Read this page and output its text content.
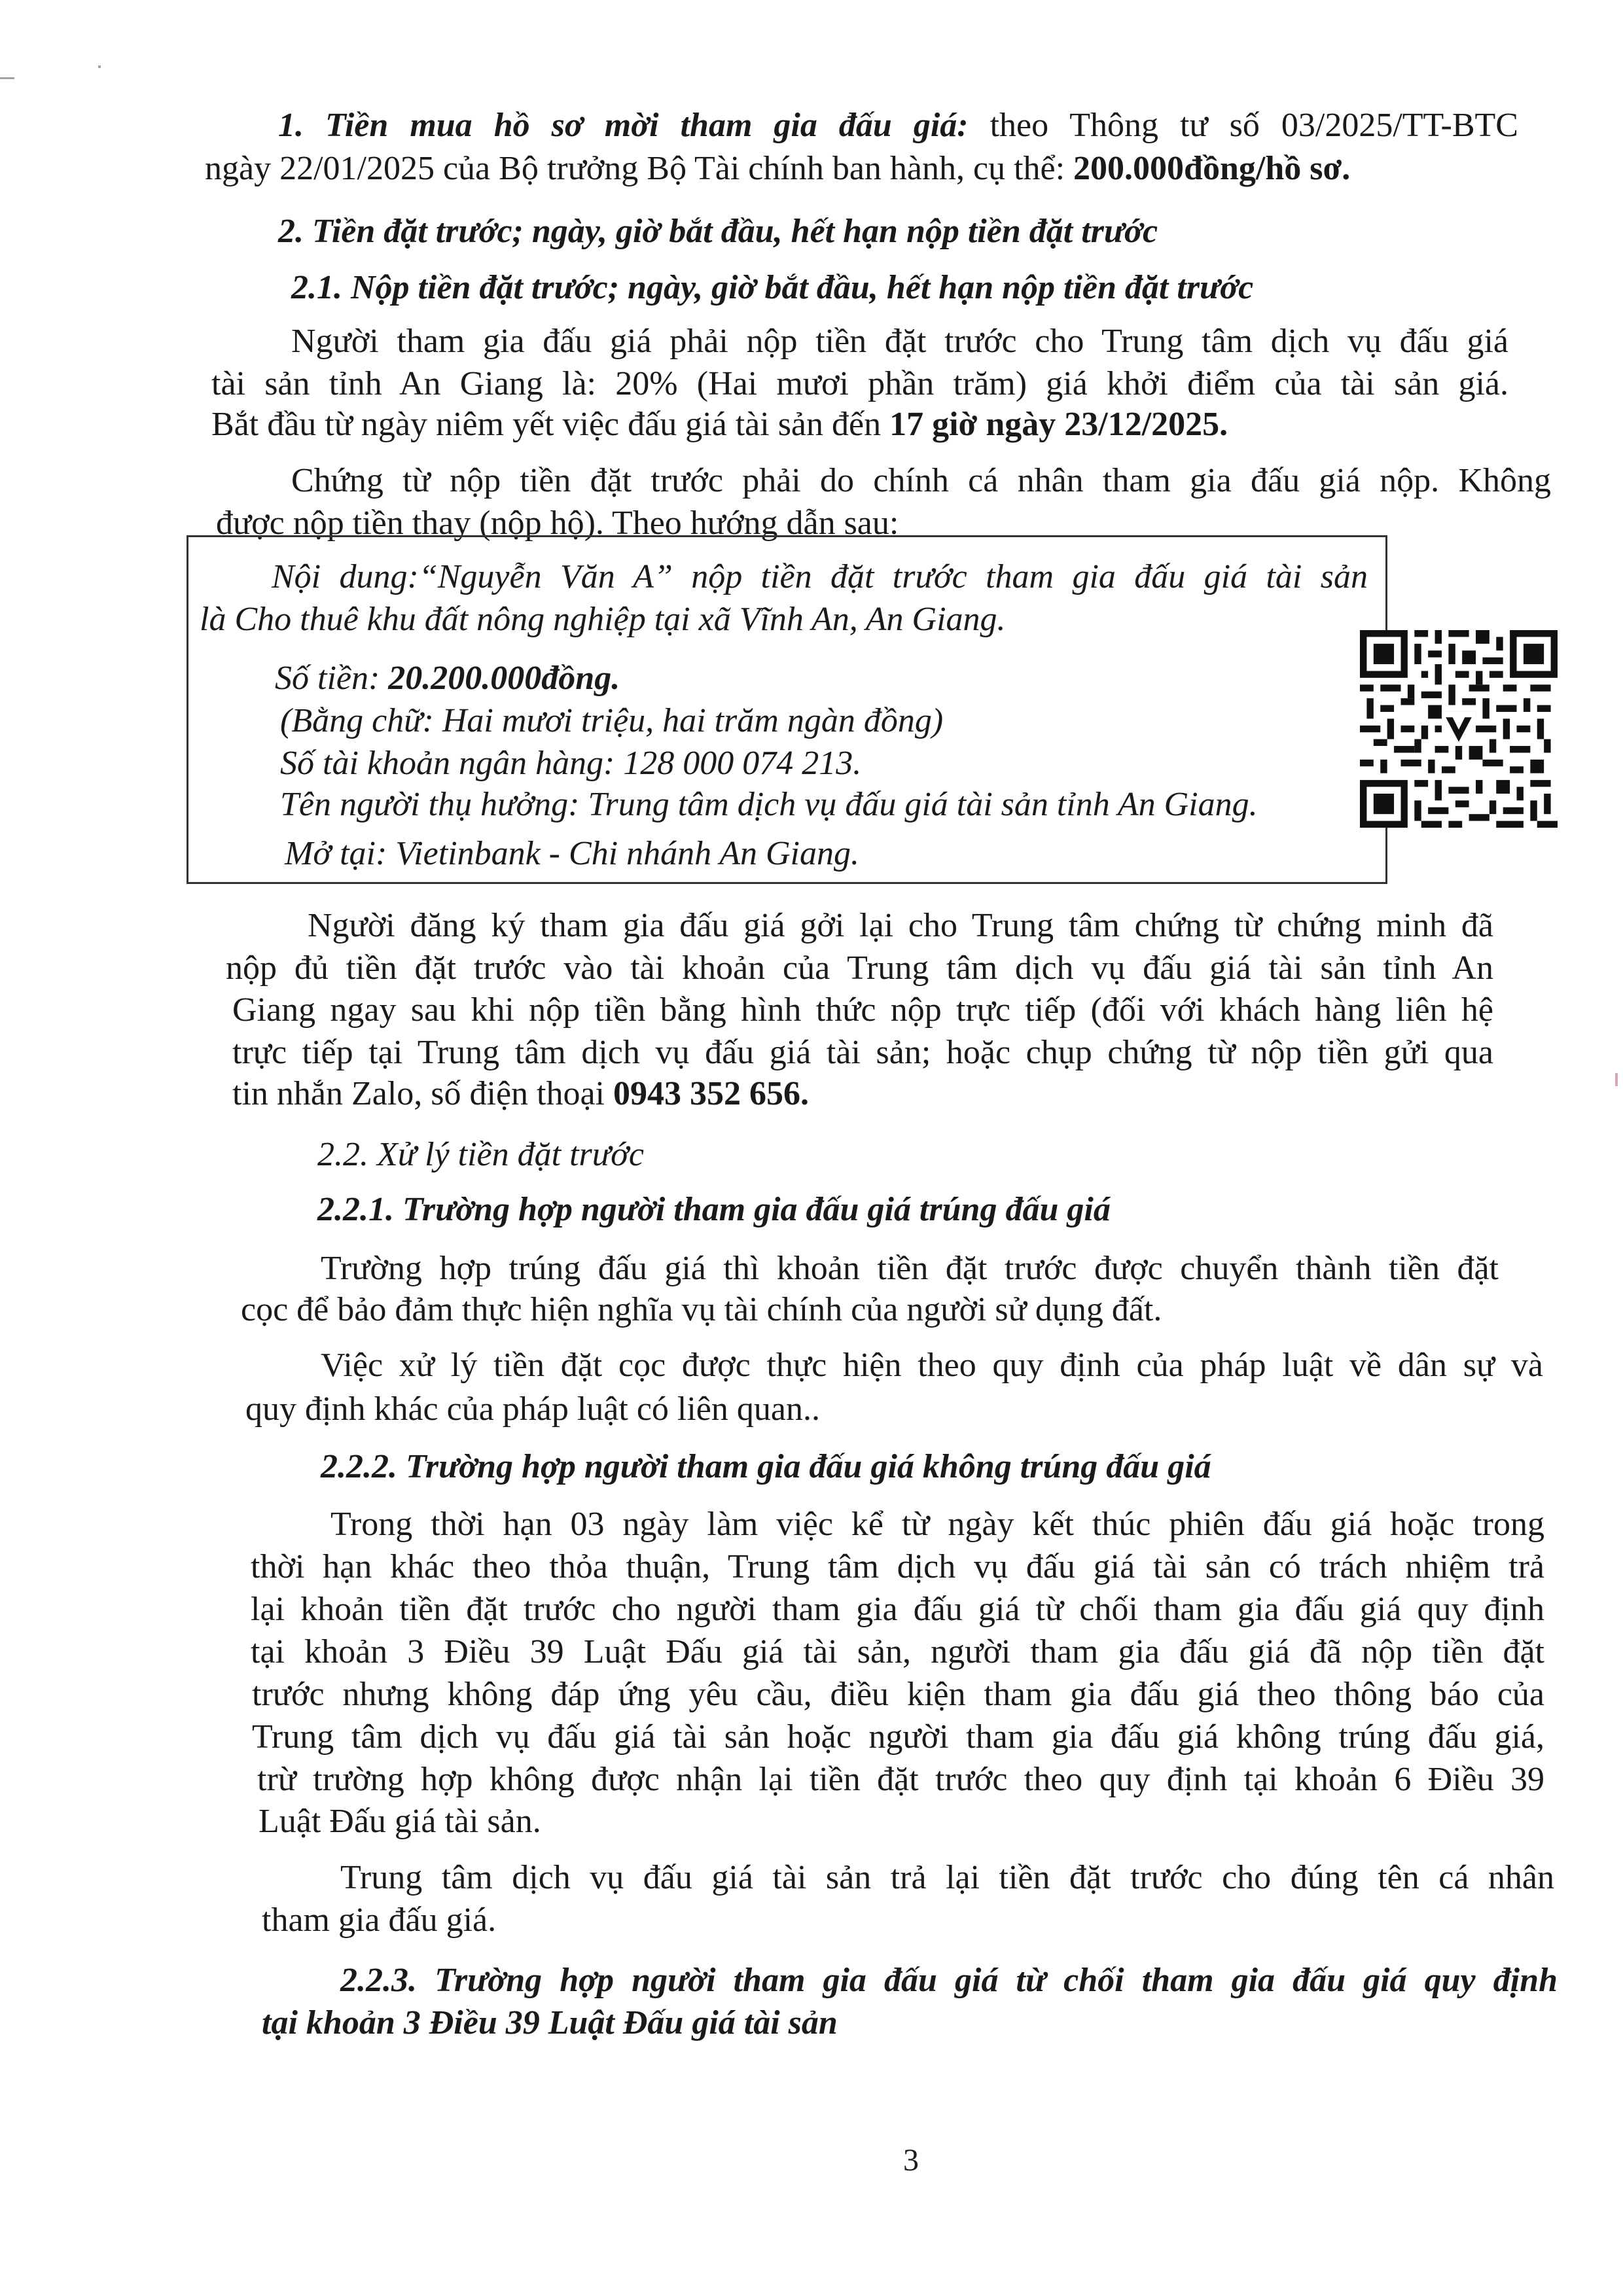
1. Tiền mua hồ sơ mời tham gia đấu giá: theo Thông tư số 03/2025/TT-BTC
ngày 22/01/2025 của Bộ trưởng Bộ Tài chính ban hành, cụ thể: 200.000đồng/hồ sơ.
2. Tiền đặt trước; ngày, giờ bắt đầu, hết hạn nộp tiền đặt trước
2.1. Nộp tiền đặt trước; ngày, giờ bắt đầu, hết hạn nộp tiền đặt trước
Người tham gia đấu giá phải nộp tiền đặt trước cho Trung tâm dịch vụ đấu giá
tài sản tỉnh An Giang là: 20% (Hai mươi phần trăm) giá khởi điểm của tài sản giá.
Bắt đầu từ ngày niêm yết việc đấu giá tài sản đến 17 giờ ngày 23/12/2025.
Chứng từ nộp tiền đặt trước phải do chính cá nhân tham gia đấu giá nộp. Không
được nộp tiền thay (nộp hộ). Theo hướng dẫn sau:
Nội dung:“Nguyễn Văn A” nộp tiền đặt trước tham gia đấu giá tài sản
là Cho thuê khu đất nông nghiệp tại xã Vĩnh An, An Giang.
Số tiền: 20.200.000đồng.
(Bằng chữ: Hai mươi triệu, hai trăm ngàn đồng)
Số tài khoản ngân hàng: 128 000 074 213.
Tên người thụ hưởng: Trung tâm dịch vụ đấu giá tài sản tỉnh An Giang.
Mở tại: Vietinbank - Chi nhánh An Giang.
Người đăng ký tham gia đấu giá gởi lại cho Trung tâm chứng từ chứng minh đã
nộp đủ tiền đặt trước vào tài khoản của Trung tâm dịch vụ đấu giá tài sản tỉnh An
Giang ngay sau khi nộp tiền bằng hình thức nộp trực tiếp (đối với khách hàng liên hệ
trực tiếp tại Trung tâm dịch vụ đấu giá tài sản; hoặc chụp chứng từ nộp tiền gửi qua
tin nhắn Zalo, số điện thoại 0943 352 656.
2.2. Xử lý tiền đặt trước
2.2.1. Trường hợp người tham gia đấu giá trúng đấu giá
Trường hợp trúng đấu giá thì khoản tiền đặt trước được chuyển thành tiền đặt
cọc để bảo đảm thực hiện nghĩa vụ tài chính của người sử dụng đất.
Việc xử lý tiền đặt cọc được thực hiện theo quy định của pháp luật về dân sự và
quy định khác của pháp luật có liên quan..
2.2.2. Trường hợp người tham gia đấu giá không trúng đấu giá
Trong thời hạn 03 ngày làm việc kể từ ngày kết thúc phiên đấu giá hoặc trong
thời hạn khác theo thỏa thuận, Trung tâm dịch vụ đấu giá tài sản có trách nhiệm trả
lại khoản tiền đặt trước cho người tham gia đấu giá từ chối tham gia đấu giá quy định
tại khoản 3 Điều 39 Luật Đấu giá tài sản, người tham gia đấu giá đã nộp tiền đặt
trước nhưng không đáp ứng yêu cầu, điều kiện tham gia đấu giá theo thông báo của
Trung tâm dịch vụ đấu giá tài sản hoặc người tham gia đấu giá không trúng đấu giá,
trừ trường hợp không được nhận lại tiền đặt trước theo quy định tại khoản 6 Điều 39
Luật Đấu giá tài sản.
Trung tâm dịch vụ đấu giá tài sản trả lại tiền đặt trước cho đúng tên cá nhân
tham gia đấu giá.
2.2.3. Trường hợp người tham gia đấu giá từ chối tham gia đấu giá quy định
tại khoản 3 Điều 39 Luật Đấu giá tài sản
3
